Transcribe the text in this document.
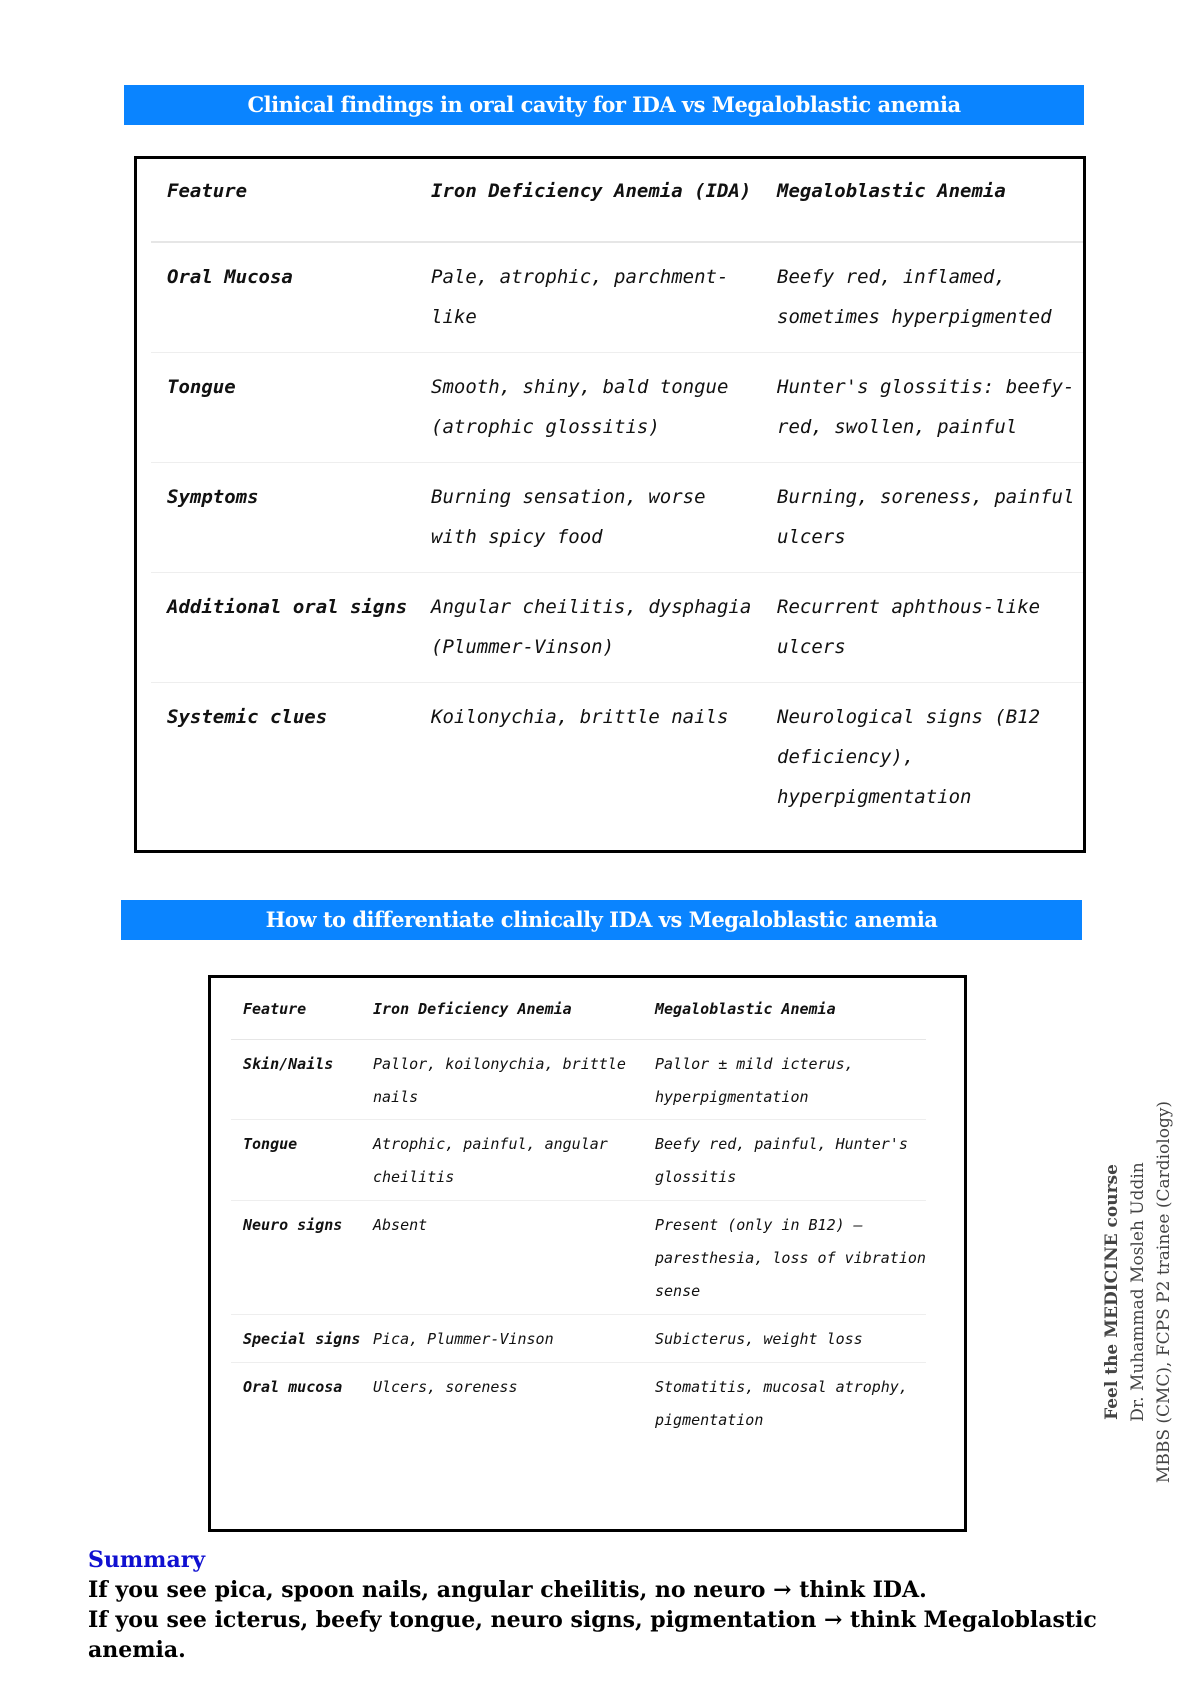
Clinical findings in oral cavity for IDA vs Megaloblastic anemia
Feature	Iron Deficiency Anemia (IDA)	Megaloblastic Anemia
Oral Mucosa	Pale, atrophic, parchment-like	Beefy red, inflamed, sometimes hyperpigmented
Tongue	Smooth, shiny, bald tongue (atrophic glossitis)	Hunter's glossitis: beefy-red, swollen, painful
Symptoms	Burning sensation, worse with spicy food	Burning, soreness, painful ulcers
Additional oral signs	Angular cheilitis, dysphagia (Plummer-Vinson)	Recurrent aphthous-like ulcers
Systemic clues	Koilonychia, brittle nails	Neurological signs (B12 deficiency), hyperpigmentation
How to differentiate clinically IDA vs Megaloblastic anemia
Feature	Iron Deficiency Anemia	Megaloblastic Anemia
Skin/Nails	Pallor, koilonychia, brittle nails	Pallor ± mild icterus, hyperpigmentation
Tongue	Atrophic, painful, angular cheilitis	Beefy red, painful, Hunter's glossitis
Neuro signs	Absent	Present (only in B12) – paresthesia, loss of vibration sense
Special signs	Pica, Plummer-Vinson	Subicterus, weight loss
Oral mucosa	Ulcers, soreness	Stomatitis, mucosal atrophy, pigmentation
Summary
If you see pica, spoon nails, angular cheilitis, no neuro → think IDA.
If you see icterus, beefy tongue, neuro signs, pigmentation → think Megaloblastic anemia.
Feel the MEDICINE course Dr. Muhammad Mosleh Uddin MBBS (CMC), FCPS P2 trainee (Cardiology)
